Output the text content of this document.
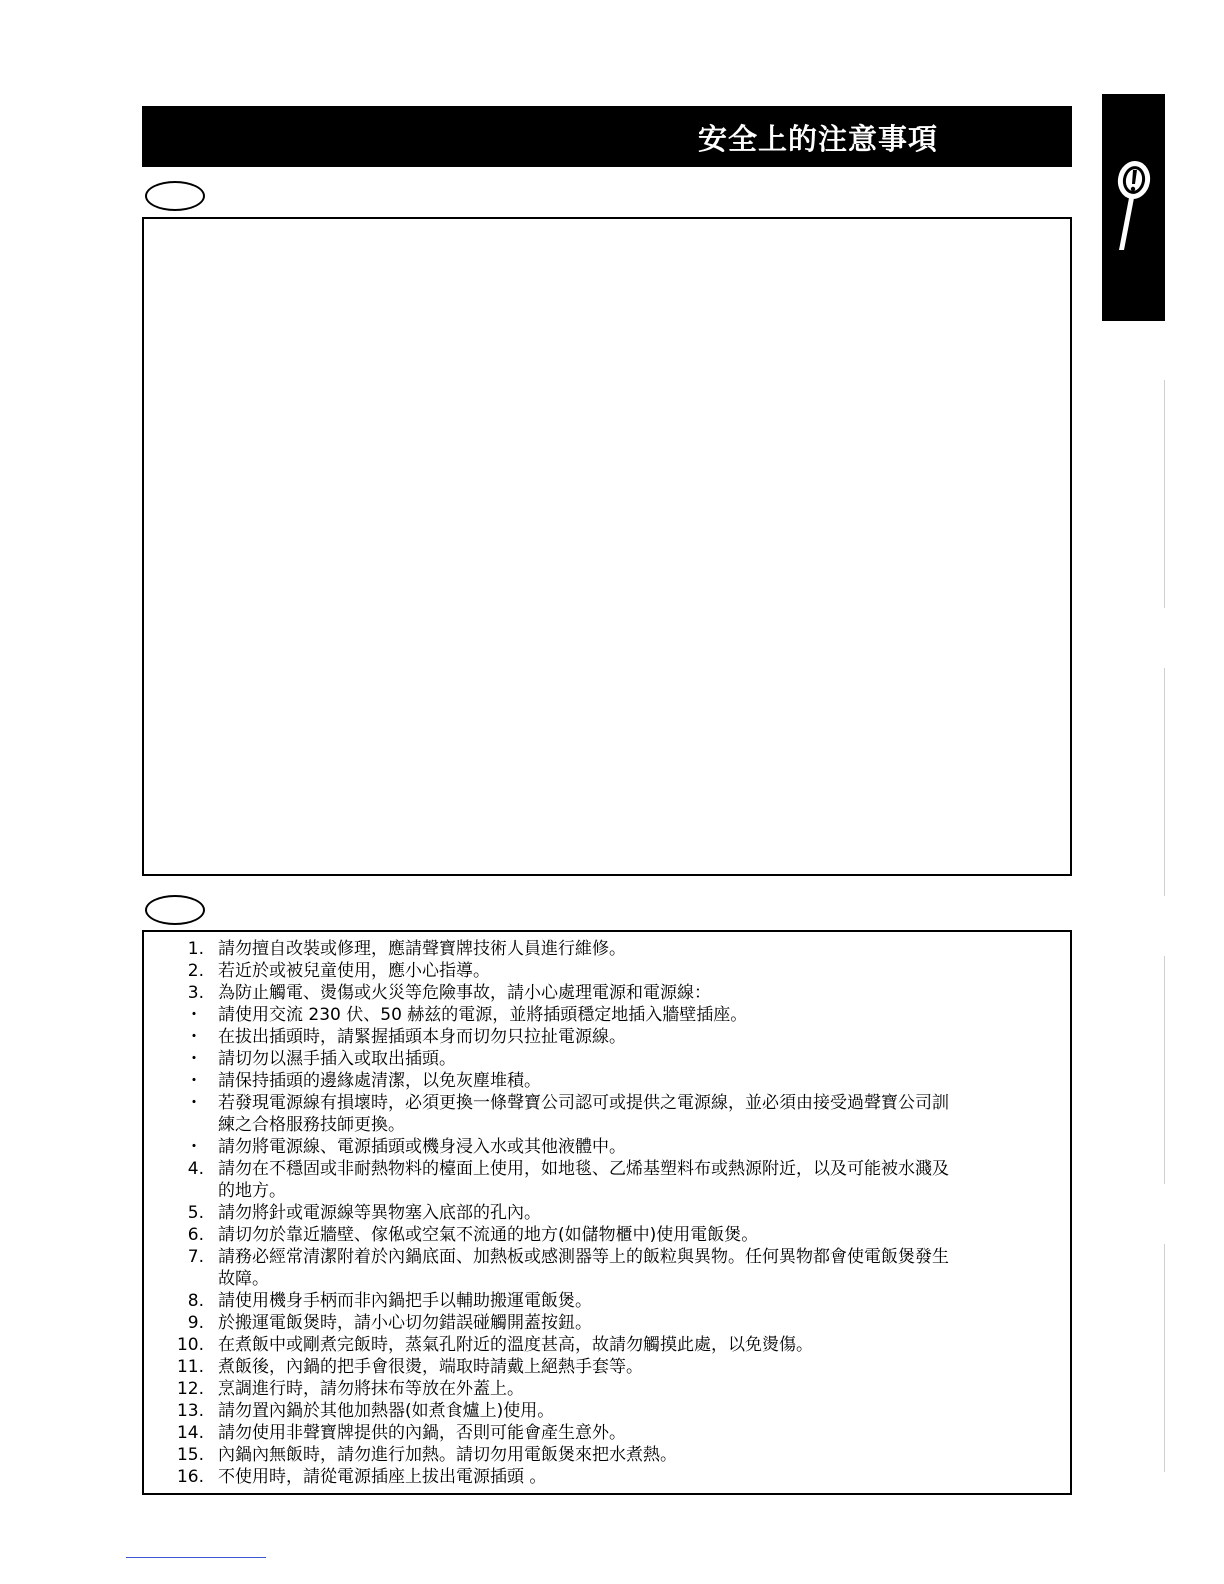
安全上的注意事項
1. 請勿擅自改裝或修理，應請聲寶牌技術人員進行維修。
2. 若近於或被兒童使用，應小心指導。
3. 為防止觸電、燙傷或火災等危險事故，請小心處理電源和電源線：
・ 請使用交流 230 伏、50 赫兹的電源，並將插頭穩定地插入牆壁插座。
・ 在拔出插頭時，請緊握插頭本身而切勿只拉扯電源線。
・ 請切勿以濕手插入或取出插頭。
・ 請保持插頭的邊緣處清潔，以免灰塵堆積。
・ 若發現電源線有損壞時，必須更換一條聲寶公司認可或提供之電源線，並必須由接受過聲寶公司訓
練之合格服務技師更換。
・ 請勿將電源線、電源插頭或機身浸入水或其他液體中。
4. 請勿在不穩固或非耐熱物料的檯面上使用，如地毯、乙烯基塑料布或熱源附近，以及可能被水濺及
的地方。
5. 請勿將針或電源線等異物塞入底部的孔內。
6. 請切勿於靠近牆壁、傢俬或空氣不流通的地方(如儲物櫃中)使用電飯煲。
7. 請務必經常清潔附着於內鍋底面、加熱板或感測器等上的飯粒與異物。任何異物都會使電飯煲發生
故障。
8. 請使用機身手柄而非內鍋把手以輔助搬運電飯煲。
9. 於搬運電飯煲時，請小心切勿錯誤碰觸開蓋按鈕。
10. 在煮飯中或剛煮完飯時，蒸氣孔附近的溫度甚高，故請勿觸摸此處，以免燙傷。
11. 煮飯後，內鍋的把手會很燙，端取時請戴上絕熱手套等。
12. 烹調進行時，請勿將抹布等放在外蓋上。
13. 請勿置內鍋於其他加熱器(如煮食爐上)使用。
14. 請勿使用非聲寶牌提供的內鍋，否則可能會產生意外。
15. 內鍋內無飯時，請勿進行加熱。請切勿用電飯煲來把水煮熱。
16. 不使用時，請從電源插座上拔出電源插頭 。
